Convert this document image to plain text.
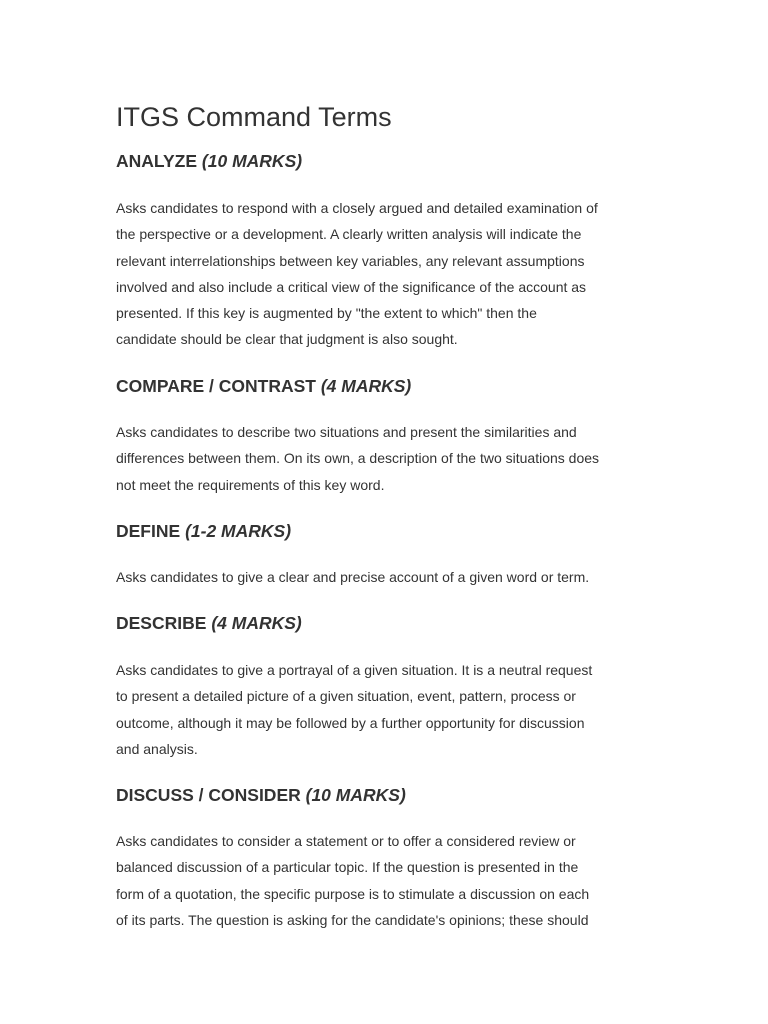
ITGS Command Terms
ANALYZE (10 MARKS)
Asks candidates to respond with a closely argued and detailed examination of
the perspective or a development. A clearly written analysis will indicate the
relevant interrelationships between key variables, any relevant assumptions
involved and also include a critical view of the significance of the account as
presented. If this key is augmented by "the extent to which" then the
candidate should be clear that judgment is also sought.
COMPARE / CONTRAST (4 MARKS)
Asks candidates to describe two situations and present the similarities and
differences between them. On its own, a description of the two situations does
not meet the requirements of this key word.
DEFINE (1-2 MARKS)
Asks candidates to give a clear and precise account of a given word or term.
DESCRIBE (4 MARKS)
Asks candidates to give a portrayal of a given situation. It is a neutral request
to present a detailed picture of a given situation, event, pattern, process or
outcome, although it may be followed by a further opportunity for discussion
and analysis.
DISCUSS / CONSIDER (10 MARKS)
Asks candidates to consider a statement or to offer a considered review or
balanced discussion of a particular topic. If the question is presented in the
form of a quotation, the specific purpose is to stimulate a discussion on each
of its parts. The question is asking for the candidate's opinions; these should
